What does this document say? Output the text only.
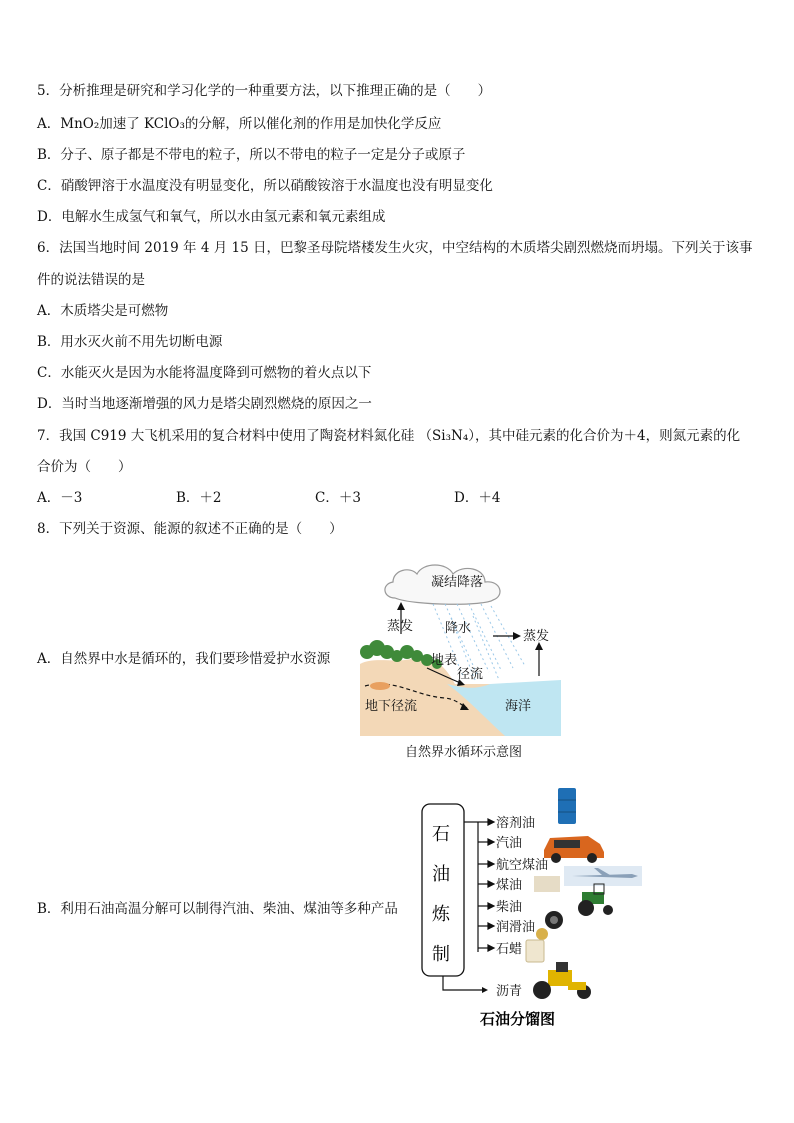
5．分析推理是研究和学习化学的一种重要方法，以下推理正确的是（　　）
A．MnO₂加速了 KClO₃的分解，所以催化剂的作用是加快化学反应
B．分子、原子都是不带电的粒子，所以不带电的粒子一定是分子或原子
C．硝酸钾溶于水温度没有明显变化，所以硝酸铵溶于水温度也没有明显变化
D．电解水生成氢气和氧气，所以水由氢元素和氧元素组成
6．法国当地时间 2019 年 4 月 15 日，巴黎圣母院塔楼发生火灾，中空结构的木质塔尖剧烈燃烧而坍塌。下列关于该事
件的说法错误的是
A．木质塔尖是可燃物
B．用水灭火前不用先切断电源
C．水能灭火是因为水能将温度降到可燃物的着火点以下
D．当时当地逐渐增强的风力是塔尖剧烈燃烧的原因之一
7．我国 C919 大飞机采用的复合材料中使用了陶瓷材料氮化硅 （Si₃N₄），其中硅元素的化合价为＋4，则氮元素的化
合价为（　　）
A．－3	B．＋2	C．＋3	D．＋4
8．下列关于资源、能源的叙述不正确的是（　　）
A．自然界中水是循环的，我们要珍惜爱护水资源
B．利用石油高温分解可以制得汽油、柴油、煤油等多种产品
凝结降落
蒸发 降水
蒸发
地表
径流
地下径流	海洋
自然界水循环示意图
石
油
炼
制
溶剂油
汽油
航空煤油
煤油
柴油
润滑油
石蜡
沥青
石油分馏图
